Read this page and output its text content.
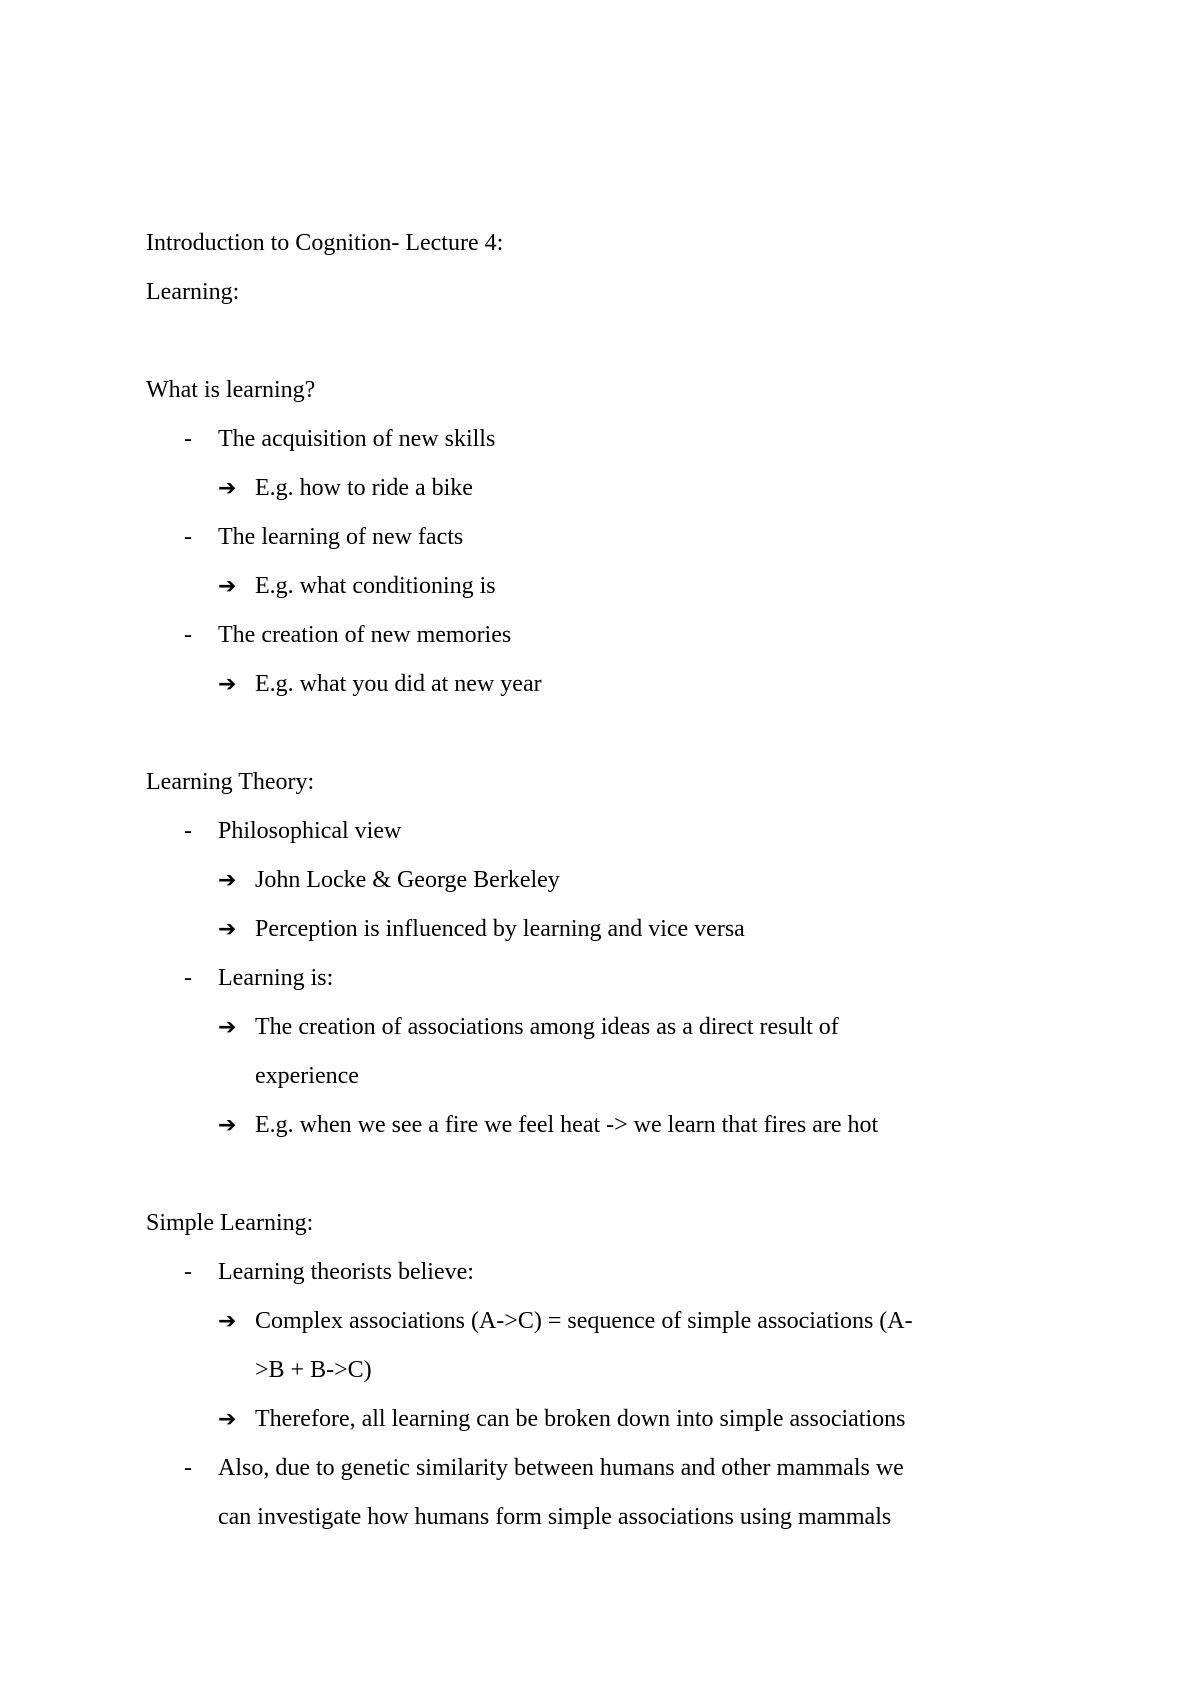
Introduction to Cognition- Lecture 4:
Learning:
What is learning?
- The acquisition of new skills
➔ E.g. how to ride a bike
- The learning of new facts
➔ E.g. what conditioning is
- The creation of new memories
➔ E.g. what you did at new year
Learning Theory:
- Philosophical view
➔ John Locke & George Berkeley
➔ Perception is influenced by learning and vice versa
- Learning is:
➔ The creation of associations among ideas as a direct result of
experience
➔ E.g. when we see a fire we feel heat -> we learn that fires are hot
Simple Learning:
- Learning theorists believe:
➔ Complex associations (A->C) = sequence of simple associations (A-
>B + B->C)
➔ Therefore, all learning can be broken down into simple associations
- Also, due to genetic similarity between humans and other mammals we
can investigate how humans form simple associations using mammals
